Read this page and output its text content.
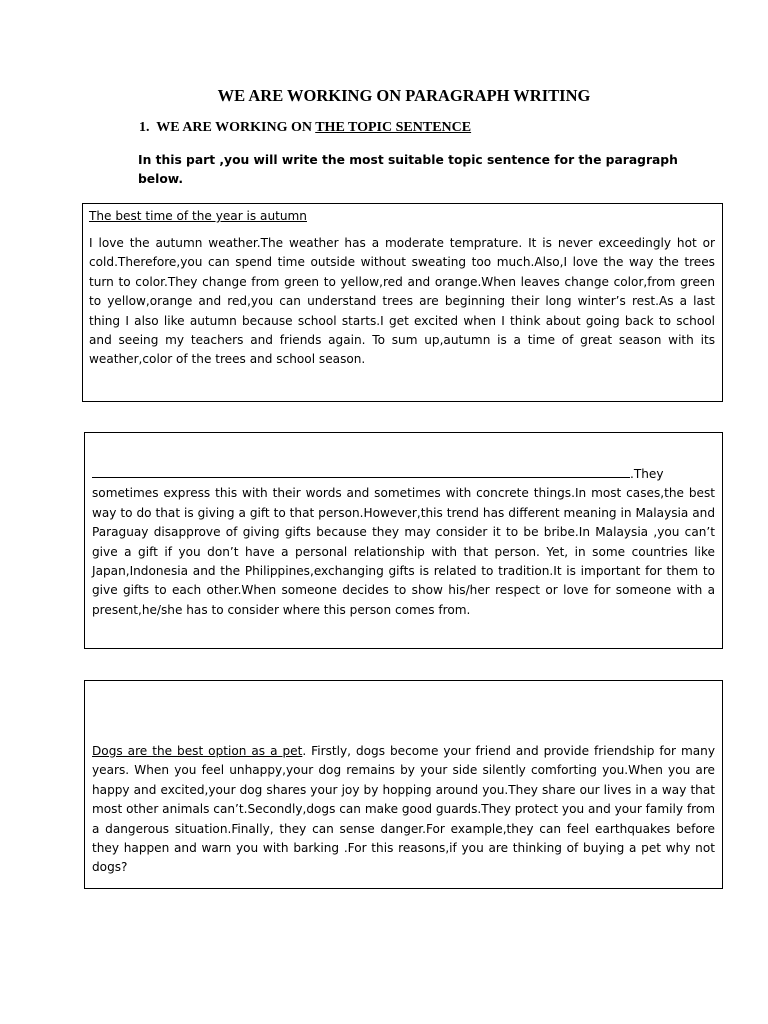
WE ARE WORKING ON PARAGRAPH WRITING

1. WE ARE WORKING ON THE TOPIC SENTENCE

In this part ,you will write the most suitable topic sentence for the paragraph below.

The best time of the year is autumn

I love the autumn weather.The weather has a moderate temprature. It is never exceedingly hot or cold.Therefore,you can spend time outside without sweating too much.Also,I love the way the trees turn to color.They change from green to yellow,red and orange.When leaves change color,from green to yellow,orange and red,you can understand trees are beginning their long winter’s rest.As a last thing I also like autumn because school starts.I get excited when I think about going back to school and seeing my teachers and friends again. To sum up,autumn is a time of great season with its weather,color of the trees and school season.

.They sometimes express this with their words and sometimes with concrete things.In most cases,the best way to do that is giving a gift to that person.However,this trend has different meaning in Malaysia and Paraguay disapprove of giving gifts because they may consider it to be bribe.In Malaysia ,you can’t give a gift if you don’t have a personal relationship with that person. Yet, in some countries like Japan,Indonesia and the Philippines,exchanging gifts is related to tradition.It is important for them to give gifts to each other.When someone decides to show his/her respect or love for someone with a present,he/she has to consider where this person comes from.

Dogs are the best option as a pet. Firstly, dogs become your friend and provide friendship for many years. When you feel unhappy,your dog remains by your side silently comforting you.When you are happy and excited,your dog shares your joy by hopping around you.They share our lives in a way that most other animals can’t.Secondly,dogs can make good guards.They protect you and your family from a dangerous situation.Finally, they can sense danger.For example,they can feel earthquakes before they happen and warn you with barking .For this reasons,if you are thinking of buying a pet why not dogs?
